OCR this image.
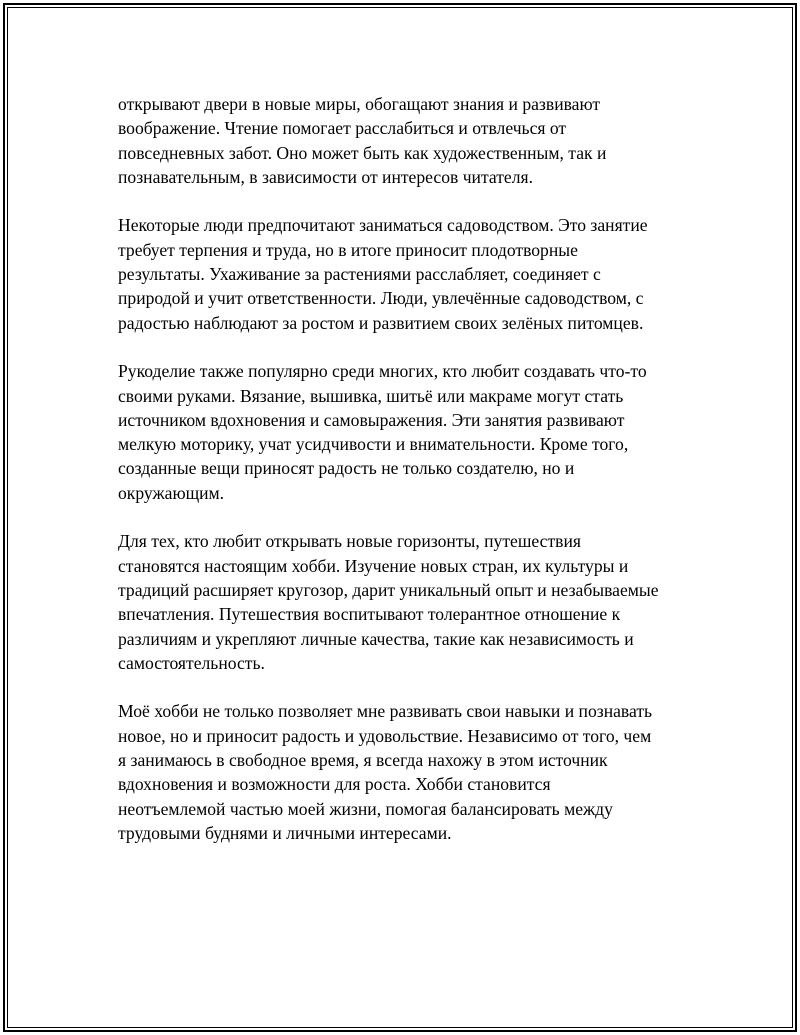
открывают двери в новые миры, обогащают знания и развивают
воображение. Чтение помогает расслабиться и отвлечься от
повседневных забот. Оно может быть как художественным, так и
познавательным, в зависимости от интересов читателя.

Некоторые люди предпочитают заниматься садоводством. Это занятие
требует терпения и труда, но в итоге приносит плодотворные
результаты. Ухаживание за растениями расслабляет, соединяет с
природой и учит ответственности. Люди, увлечённые садоводством, с
радостью наблюдают за ростом и развитием своих зелёных питомцев.

Рукоделие также популярно среди многих, кто любит создавать что-то
своими руками. Вязание, вышивка, шитьё или макраме могут стать
источником вдохновения и самовыражения. Эти занятия развивают
мелкую моторику, учат усидчивости и внимательности. Кроме того,
созданные вещи приносят радость не только создателю, но и
окружающим.

Для тех, кто любит открывать новые горизонты, путешествия
становятся настоящим хобби. Изучение новых стран, их культуры и
традиций расширяет кругозор, дарит уникальный опыт и незабываемые
впечатления. Путешествия воспитывают толерантное отношение к
различиям и укрепляют личные качества, такие как независимость и
самостоятельность.

Моё хобби не только позволяет мне развивать свои навыки и познавать
новое, но и приносит радость и удовольствие. Независимо от того, чем
я занимаюсь в свободное время, я всегда нахожу в этом источник
вдохновения и возможности для роста. Хобби становится
неотъемлемой частью моей жизни, помогая балансировать между
трудовыми буднями и личными интересами.
